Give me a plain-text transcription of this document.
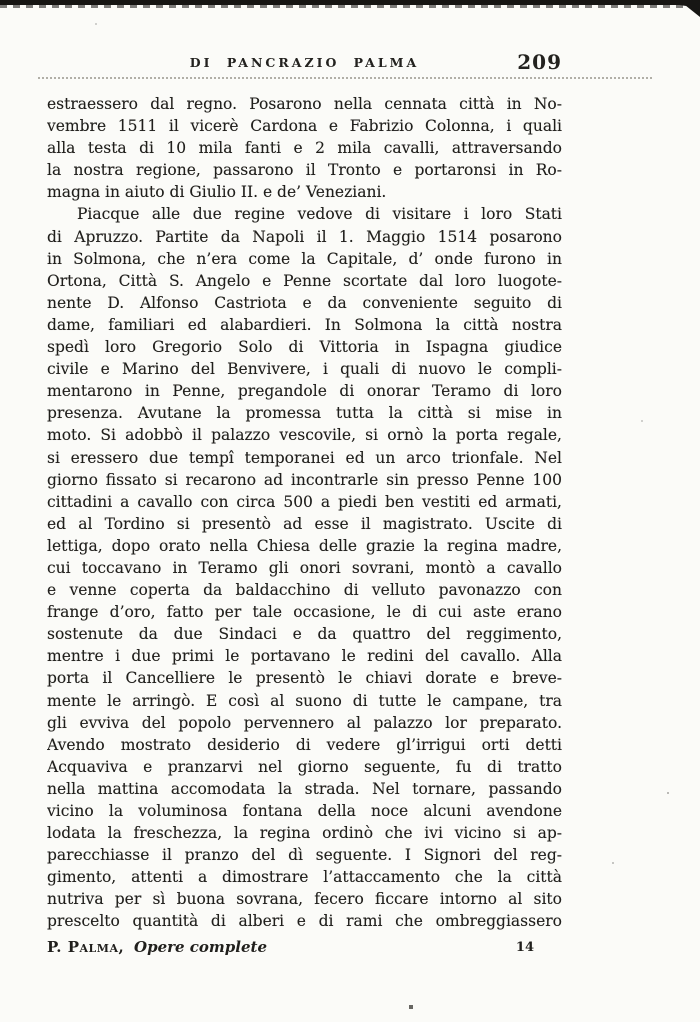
DI PANCRAZIO PALMA	209
estraessero dal regno. Posarono nella cennata città in No-
vembre 1511 il vicerè Cardona e Fabrizio Colonna, i quali
alla testa di 10 mila fanti e 2 mila cavalli, attraversando
la nostra regione, passarono il Tronto e portaronsi in Ro-
magna in aiuto di Giulio II. e de’ Veneziani.
Piacque alle due regine vedove di visitare i loro Stati
di Apruzzo. Partite da Napoli il 1. Maggio 1514 posarono
in Solmona, che n’era come la Capitale, d’ onde furono in
Ortona, Città S. Angelo e Penne scortate dal loro luogote-
nente D. Alfonso Castriota e da conveniente seguito di
dame, familiari ed alabardieri. In Solmona la città nostra
spedì loro Gregorio Solo di Vittoria in Ispagna giudice
civile e Marino del Benvivere, i quali di nuovo le compli-
mentarono in Penne, pregandole di onorar Teramo di loro
presenza. Avutane la promessa tutta la città si mise in
moto. Si adobbò il palazzo vescovile, si ornò la porta regale,
si eressero due tempî temporanei ed un arco trionfale. Nel
giorno fissato si recarono ad incontrarle sin presso Penne 100
cittadini a cavallo con circa 500 a piedi ben vestiti ed armati,
ed al Tordino si presentò ad esse il magistrato. Uscite di
lettiga, dopo orato nella Chiesa delle grazie la regina madre,
cui toccavano in Teramo gli onori sovrani, montò a cavallo
e venne coperta da baldacchino di velluto pavonazzo con
frange d’oro, fatto per tale occasione, le di cui aste erano
sostenute da due Sindaci e da quattro del reggimento,
mentre i due primi le portavano le redini del cavallo. Alla
porta il Cancelliere le presentò le chiavi dorate e breve-
mente le arringò. E così al suono di tutte le campane, tra
gli evviva del popolo pervennero al palazzo lor preparato.
Avendo mostrato desiderio di vedere gl’irrigui orti detti
Acquaviva e pranzarvi nel giorno seguente, fu di tratto
nella mattina accomodata la strada. Nel tornare, passando
vicino la voluminosa fontana della noce alcuni avendone
lodata la freschezza, la regina ordinò che ivi vicino si ap-
parecchiasse il pranzo del dì seguente. I Signori del reg-
gimento, attenti a dimostrare l’attaccamento che la città
nutriva per sì buona sovrana, fecero ficcare intorno al sito
prescelto quantità di alberi e di rami che ombreggiassero
P. Palma, Opere complete	14
